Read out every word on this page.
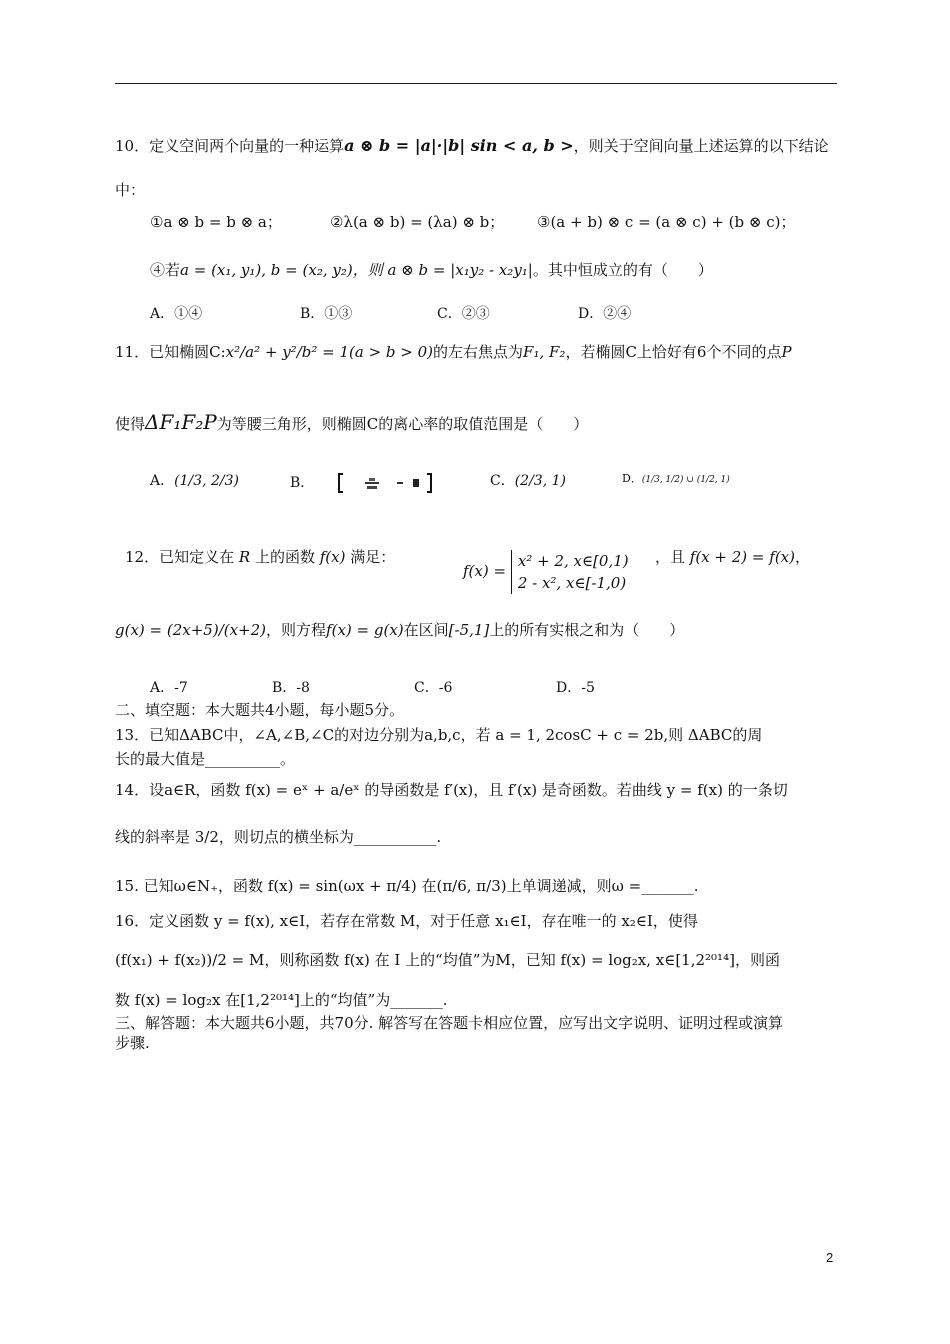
10．定义空间两个向量的一种运算a ⊗ b = |a|·|b| sin < a, b >，则关于空间向量上述运算的以下结论
中：
①a ⊗ b = b ⊗ a；	②λ(a ⊗ b) = (λa) ⊗ b； ③(a + b) ⊗ c = (a ⊗ c) + (b ⊗ c)；
④若a = (x₁, y₁), b = (x₂, y₂)，则 a ⊗ b = |x₁y₂ - x₂y₁|。其中恒成立的有（　　）
A．①④	B．①③	C．②③	D．②④
11．已知椭圆C:x²/a² + y²/b² = 1(a > b > 0)的左右焦点为F₁, F₂，若椭圆C上恰好有6个不同的点P
使得ΔF₁F₂P为等腰三角形，则椭圆C的离心率的取值范围是（　　）
A．(1/3, 2/3)	B．	C．(2/3, 1)	D．(1/3, 1/2) ∪ (1/2, 1)
12．已知定义在 R 上的函数 f(x) 满足：
f(x) =
x² + 2, x∈[0,1)
2 - x², x∈[-1,0)
，且 f(x + 2) = f(x)，
g(x) = (2x+5)/(x+2)，则方程f(x) = g(x)在区间[-5,1]上的所有实根之和为（　　）
A．-7	B．-8	C．-6	D．-5
二、填空题：本大题共4小题，每小题5分。
13．已知ΔABC中，∠A,∠B,∠C的对边分别为a,b,c，若 a = 1, 2cosC + c = 2b,则 ΔABC的周
长的最大值是__________。
14．设a∈R，函数 f(x) = eˣ + a/eˣ 的导函数是 f′(x)，且 f′(x) 是奇函数。若曲线 y = f(x) 的一条切
线的斜率是 3/2，则切点的横坐标为___________.
15. 已知ω∈N₊，函数 f(x) = sin(ωx + π/4) 在(π/6, π/3)上单调递减，则ω =_______.
16．定义函数 y = f(x), x∈I，若存在常数 M，对于任意 x₁∈I，存在唯一的 x₂∈I，使得
(f(x₁) + f(x₂))/2 = M，则称函数 f(x) 在 I 上的“均值”为M，已知 f(x) = log₂x, x∈[1,2²⁰¹⁴]，则函
数 f(x) = log₂x 在[1,2²⁰¹⁴]上的“均值”为_______.
三、解答题：本大题共6小题，共70分. 解答写在答题卡相应位置，应写出文字说明、证明过程或演算
步骤.
2
